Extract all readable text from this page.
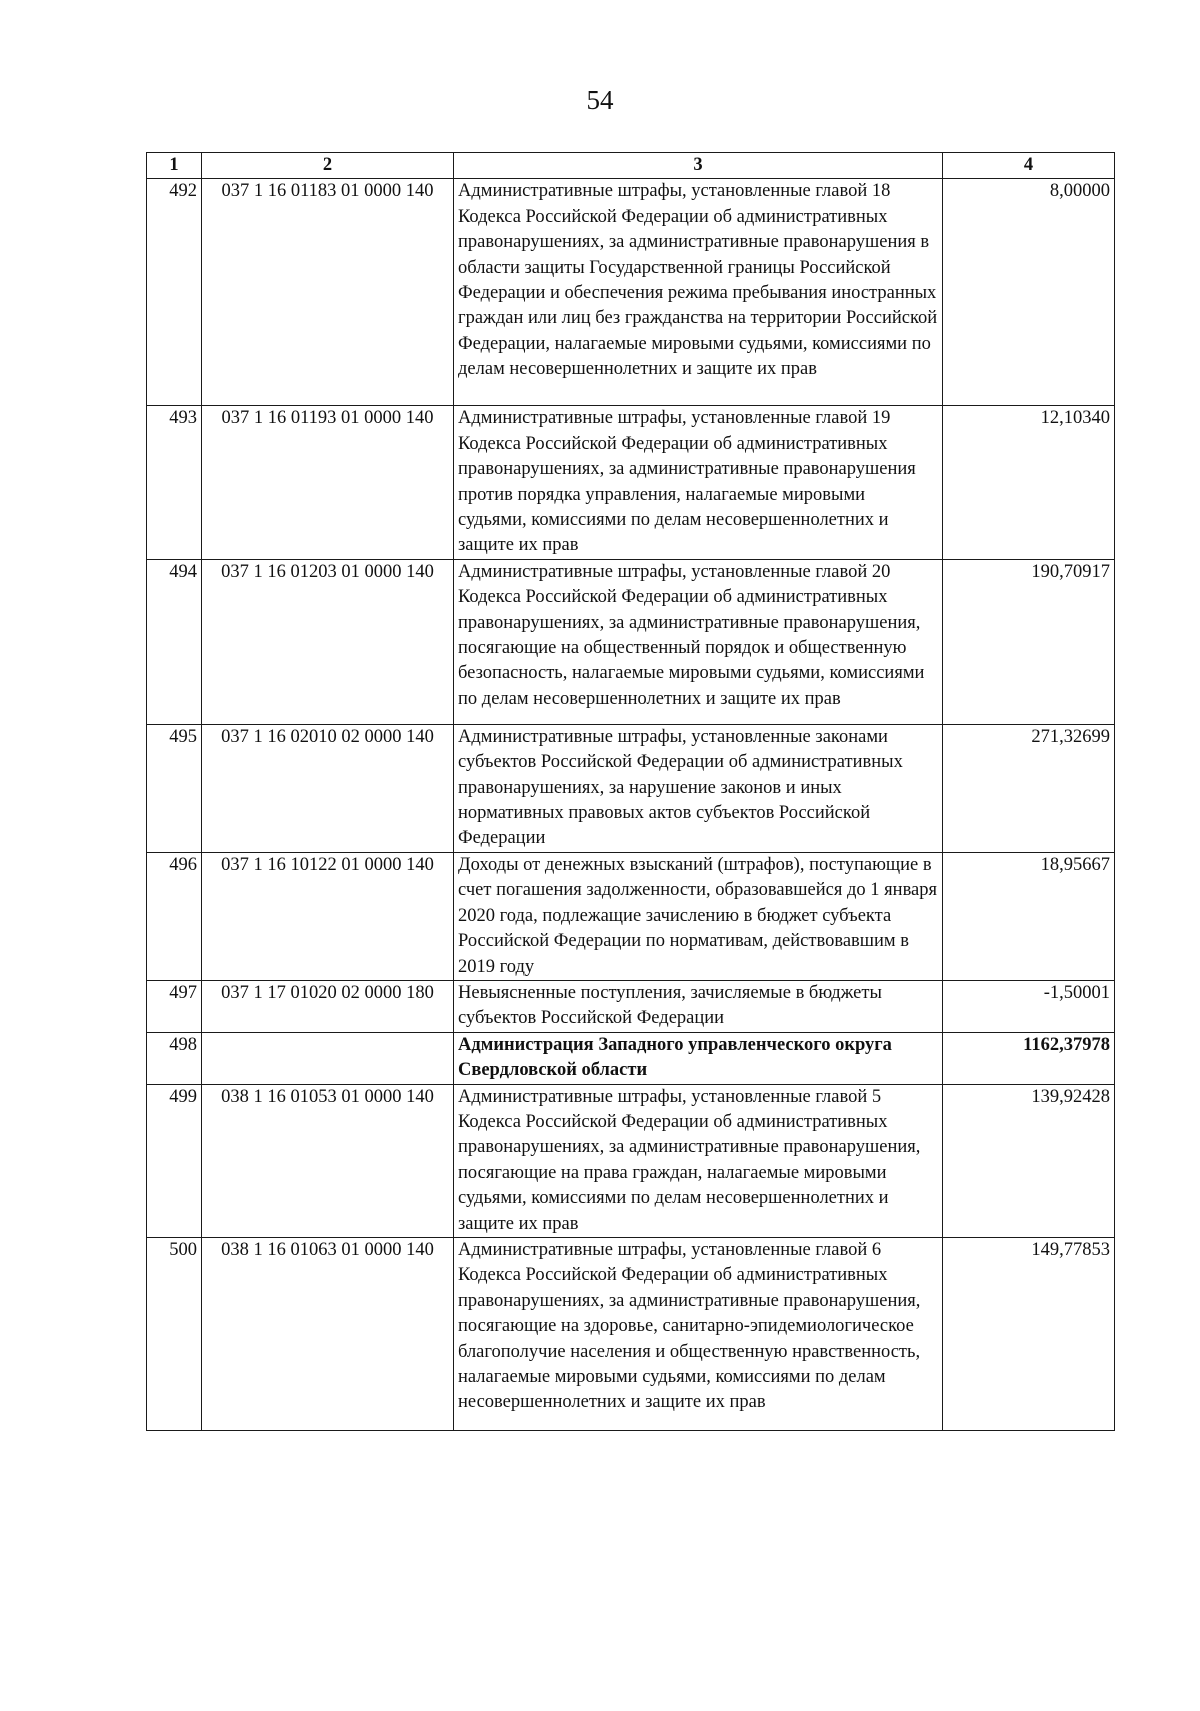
54
1	2	3	4
492	037 1 16 01183 01 0000 140	Административные штрафы, установленные главой 18 Кодекса Российской Федерации об административных правонарушениях, за административные правонарушения в области защиты Государственной границы Российской Федерации и обеспечения режима пребывания иностранных граждан или лиц без гражданства на территории Российской Федерации, налагаемые мировыми судьями, комиссиями по делам несовершеннолетних и защите их прав	8,00000
493	037 1 16 01193 01 0000 140	Административные штрафы, установленные главой 19 Кодекса Российской Федерации об административных правонарушениях, за административные правонарушения против порядка управления, налагаемые мировыми судьями, комиссиями по делам несовершеннолетних и защите их прав	12,10340
494	037 1 16 01203 01 0000 140	Административные штрафы, установленные главой 20 Кодекса Российской Федерации об административных правонарушениях, за административные правонарушения, посягающие на общественный порядок и общественную безопасность, налагаемые мировыми судьями, комиссиями по делам несовершеннолетних и защите их прав	190,70917
495	037 1 16 02010 02 0000 140	Административные штрафы, установленные законами субъектов Российской Федерации об административных правонарушениях, за нарушение законов и иных нормативных правовых актов субъектов Российской Федерации	271,32699
496	037 1 16 10122 01 0000 140	Доходы от денежных взысканий (штрафов), поступающие в счет погашения задолженности, образовавшейся до 1 января 2020 года, подлежащие зачислению в бюджет субъекта Российской Федерации по нормативам, действовавшим в 2019 году	18,95667
497	037 1 17 01020 02 0000 180	Невыясненные поступления, зачисляемые в бюджеты субъектов Российской Федерации	-1,50001
498		Администрация Западного управленческого округа Свердловской области	1162,37978
499	038 1 16 01053 01 0000 140	Административные штрафы, установленные главой 5 Кодекса Российской Федерации об административных правонарушениях, за административные правонарушения, посягающие на права граждан, налагаемые мировыми судьями, комиссиями по делам несовершеннолетних и защите их прав	139,92428
500	038 1 16 01063 01 0000 140	Административные штрафы, установленные главой 6 Кодекса Российской Федерации об административных правонарушениях, за административные правонарушения, посягающие на здоровье, санитарно-эпидемиологическое благополучие населения и общественную нравственность, налагаемые мировыми судьями, комиссиями по делам несовершеннолетних и защите их прав	149,77853
